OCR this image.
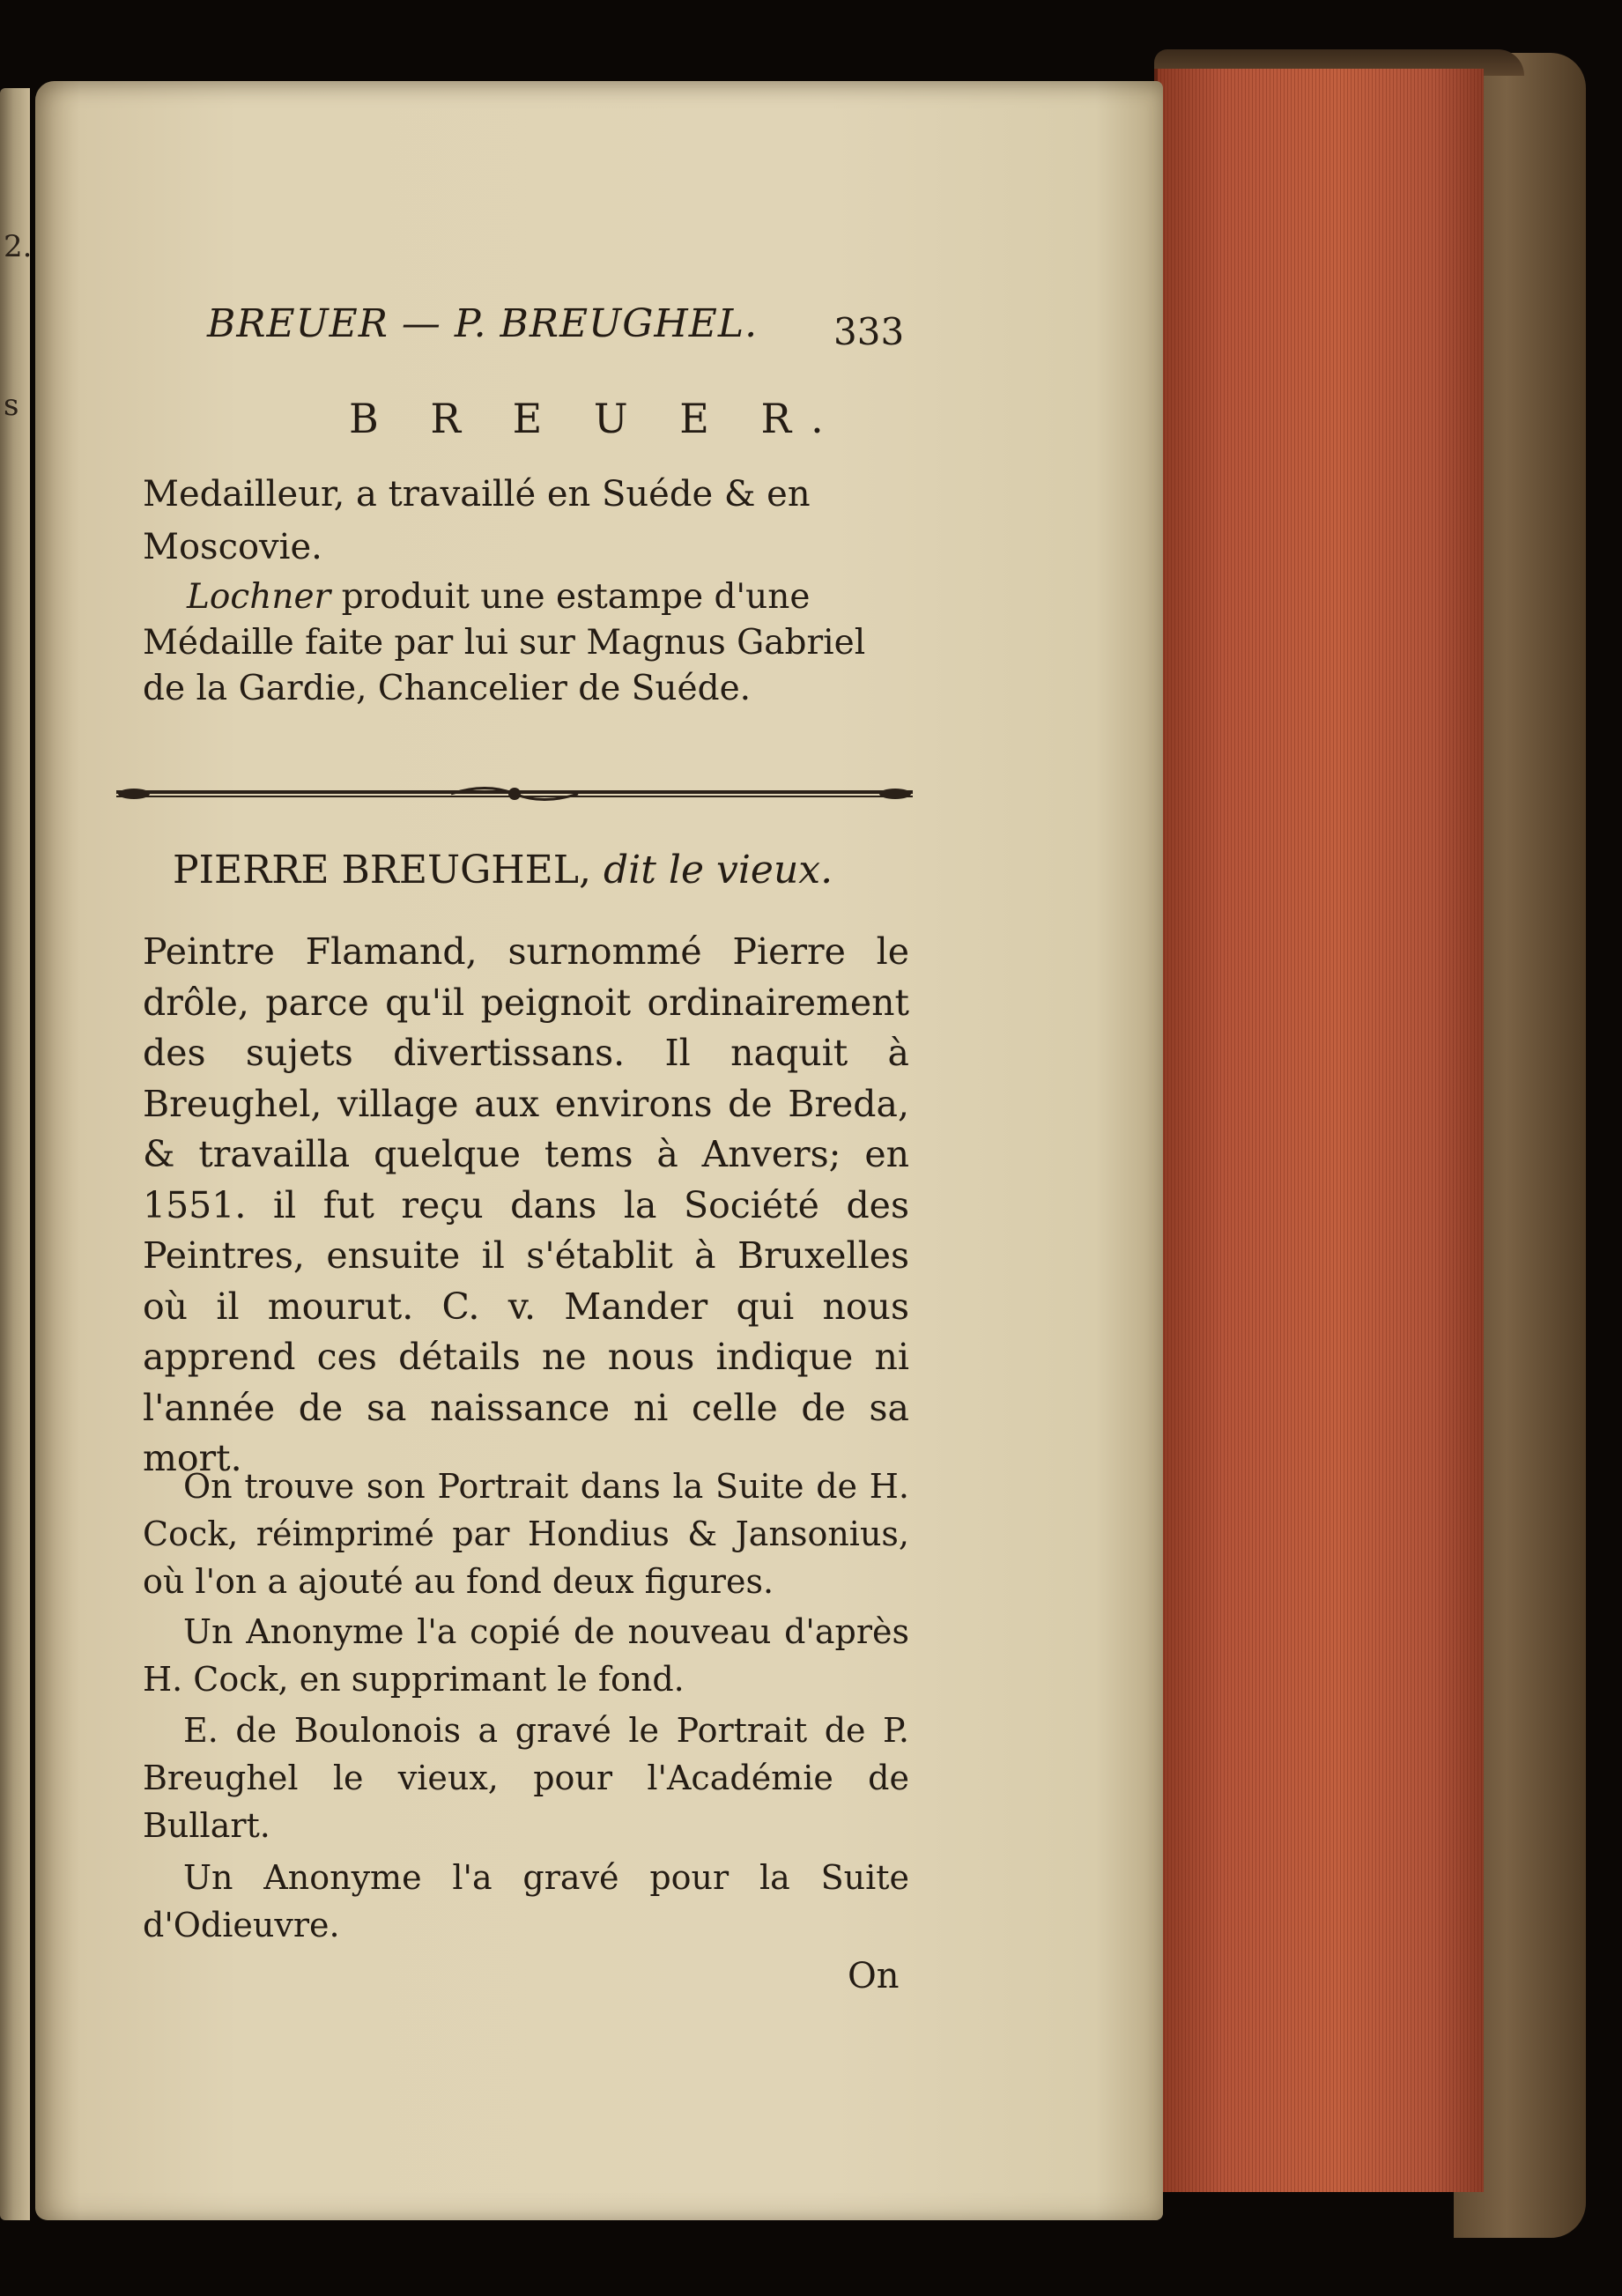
2.
s
BREUER — P. BREUGHEL. 333
B R E U E R.
Medailleur, a travaillé en Suéde & en
Moscovie.
Lochner produit une estampe d'une Médaille faite par lui sur Magnus Gabriel de la Gardie, Chancelier de Suéde.
PIERRE BREUGHEL, dit le vieux.
Peintre Flamand, surnommé Pierre le drôle, parce qu'il peignoit ordinairement des sujets divertissans. Il naquit à Breughel, village aux environs de Breda, & travailla quelque tems à Anvers; en 1551. il fut reçu dans la Société des Peintres, ensuite il s'établit à Bruxelles où il mourut. C. v. Mander qui nous apprend ces détails ne nous indique ni l'année de sa naissance ni celle de sa mort.
On trouve son Portrait dans la Suite de H. Cock, réimprimé par Hondius & Jansonius, où l'on a ajouté au fond deux figures.
Un Anonyme l'a copié de nouveau d'après H. Cock, en supprimant le fond.
E. de Boulonois a gravé le Portrait de P. Breughel le vieux, pour l'Académie de Bullart.
Un Anonyme l'a gravé pour la Suite d'Odieuvre.
On
